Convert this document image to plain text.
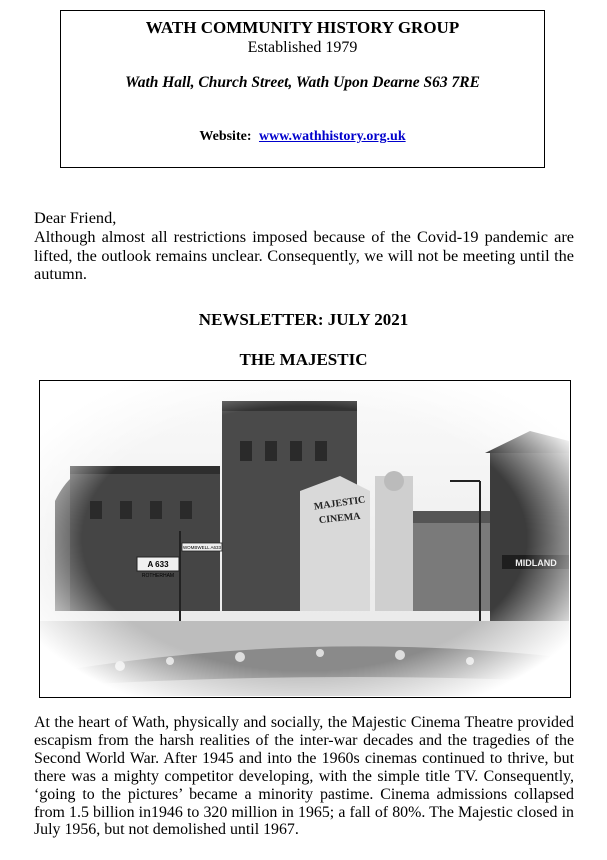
WATH COMMUNITY HISTORY GROUP
Established 1979
Wath Hall, Church Street, Wath Upon Dearne S63 7RE
Website: www.wathhistory.org.uk

Dear Friend,

Although almost all restrictions imposed because of the Covid-19 pandemic are lifted, the outlook remains unclear. Consequently, we will not be meeting until the autumn.

NEWSLETTER: JULY 2021
THE MAJESTIC

At the heart of Wath, physically and socially, the Majestic Cinema Theatre provided escapism from the harsh realities of the inter-war decades and the tragedies of the Second World War. After 1945 and into the 1960s cinemas continued to thrive, but there was a mighty competitor developing, with the simple title TV. Consequently, ‘going to the pictures’ became a minority pastime. Cinema admissions collapsed from 1.5 billion in1946 to 320 million in 1965; a fall of 80%. The Majestic closed in July 1956, but not demolished until 1967.
